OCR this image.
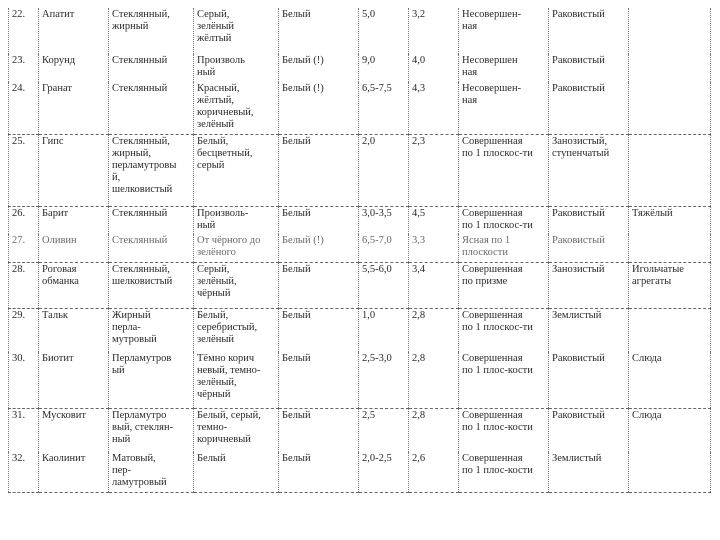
22.	Апатит	Стеклянный,
жирный	Серый,
зелёный
жёлтый	Белый	5,0	3,2	Несовершен-
ная	Раковистый	
23.	Корунд	Стеклянный	Произволь
ный	Белый (!)	9,0	4,0	Несовершен
ная	Раковистый	
24.	Гранат	Стеклянный	Красный,
жёлтый,
коричневый,
зелёный	Белый (!)	6,5-7,5	4,3	Несовершен-
ная	Раковистый	
25.	Гипс	Стеклянный,
жирный,
перламутровы
й,
шелковистый	Белый,
бесцветный,
серый	Белый	2,0	2,3	Совершенная
по 1 плоскос-ти	Занозистый,
ступенчатый	
26.	Барит	Стеклянный	Произволь-
ный	Белый	3,0-3,5	4,5	Совершенная
по 1 плоскос-ти	Раковистый	Тяжёлый
27.	Оливин	Стеклянный	От чёрного до
зелёного	Белый (!)	6,5-7,0	3,3	Ясная по 1
плоскости	Раковистый	
28.	Роговая
обманка	Стеклянный,
шелковистый	Серый,
зелёный,
чёрный	Белый	5,5-6,0	3,4	Совершенная
по призме	Занозистый	Игольчатые
агрегаты
29.	Тальк	Жирный
перла-
мутровый	Белый,
серебристый,
зелёный	Белый	1,0	2,8	Совершенная
по 1 плоскос-ти	Землистый	
30.	Биотит	Перламутров
ый	Тёмно корич
невый, темно-
зелёный,
чёрный	Белый	2,5-3,0	2,8	Совершенная
по 1 плос-кости	Раковистый	Слюда
31.	Мусковит	Перламутро
вый, стеклян-
ный	Белый, серый,
темно-
коричневый	Белый	2,5	2,8	Совершенная
по 1 плос-кости	Раковистый	Слюда
32.	Каолинит	Матовый,
пер-
ламутровый	Белый	Белый	2,0-2,5	2,6	Совершенная
по 1 плос-кости	Землистый	
